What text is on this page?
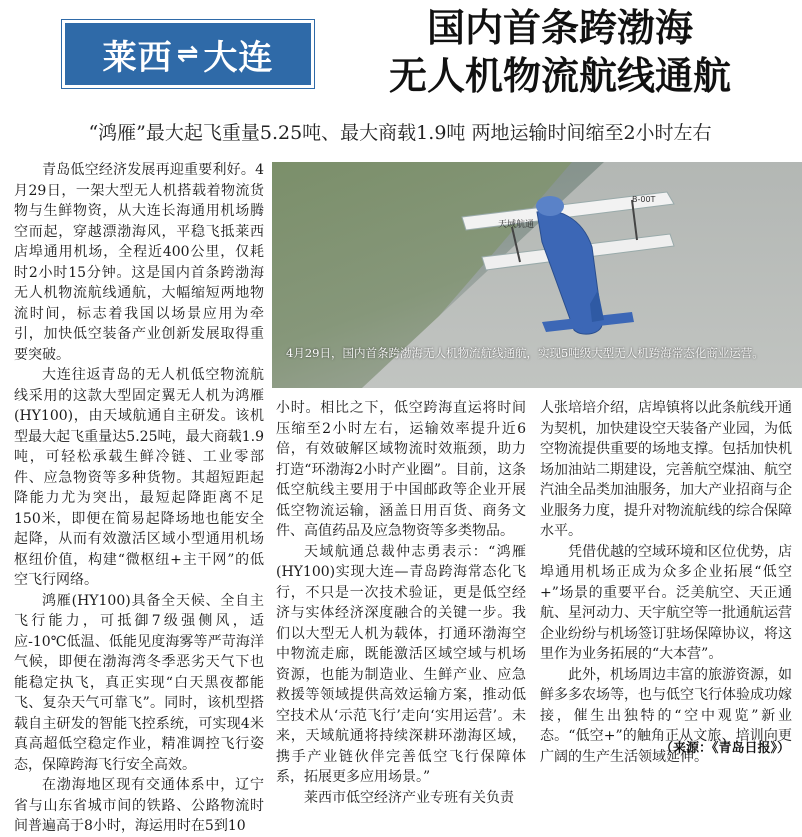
莱西 ⇌ 大连
国内首条跨渤海
无人机物流航线通航
“鸿雁”最大起飞重量5.25吨、最大商载1.9吨 两地运输时间缩至2小时左右

青岛低空经济发展再迎重要利好。4月29日，一架大型无人机搭载着物流货物与生鲜物资，从大连长海通用机场腾空而起，穿越漂渤海风，平稳飞抵莱西店埠通用机场，全程近400公里，仅耗时2小时15分钟。这是国内首条跨渤海无人机物流航线通航，大幅缩短两地物流时间，标志着我国以场景应用为牵引，加快低空装备产业创新发展取得重要突破。

大连往返青岛的无人机低空物流航线采用的这款大型固定翼无人机为鸿雁(HY100)，由天域航通自主研发。该机型最大起飞重量达5.25吨，最大商载1.9吨，可轻松承载生鲜冷链、工业零部件、应急物资等多种货物。其超短距起降能力尤为突出，最短起降距离不足150米，即便在简易起降场地也能安全起降，从而有效激活区域小型通用机场枢纽价值，构建“微枢纽+主干网”的低空飞行网络。

鸿雁(HY100)具备全天候、全自主飞行能力，可抵御7级强侧风，适应-10℃低温、低能见度海雾等严苛海洋气候，即便在渤海湾冬季恶劣天气下也能稳定执飞，真正实现“白天黑夜都能飞、复杂天气可靠飞”。同时，该机型搭载自主研发的智能飞控系统，可实现4米真高超低空稳定作业，精准调控飞行姿态，保障跨海飞行安全高效。

在渤海地区现有交通体系中，辽宁省与山东省城市间的铁路、公路物流时间普遍高于8小时，海运用时在5到10

天域航通
B-00T
4月29日，国内首条跨渤海无人机物流航线通航，实现5吨级大型无人机跨海常态化商业运营。

小时。相比之下，低空跨海直运将时间压缩至2小时左右，运输效率提升近6倍，有效破解区域物流时效瓶颈，助力打造“环渤海2小时产业圈”。目前，这条低空航线主要用于中国邮政等企业开展低空物流运输，涵盖日用百货、商务文件、高值药品及应急物资等多类物品。

天域航通总裁仲志勇表示：“鸿雁(HY100)实现大连—青岛跨海常态化飞行，不只是一次技术验证，更是低空经济与实体经济深度融合的关键一步。我们以大型无人机为载体，打通环渤海空中物流走廊，既能激活区域空域与机场资源，也能为制造业、生鲜产业、应急救援等领域提供高效运输方案，推动低空技术从‘示范飞行’走向‘实用运营’。未来，天域航通将持续深耕环渤海区域，携手产业链伙伴完善低空飞行保障体系，拓展更多应用场景。”

莱西市低空经济产业专班有关负责

人张培培介绍，店埠镇将以此条航线开通为契机，加快建设空天装备产业园，为低空物流提供重要的场地支撑。包括加快机场加油站二期建设，完善航空煤油、航空汽油全品类加油服务，加大产业招商与企业服务力度，提升对物流航线的综合保障水平。

凭借优越的空域环境和区位优势，店埠通用机场正成为众多企业拓展“低空+”场景的重要平台。泛美航空、天正通航、星河动力、天宇航空等一批通航运营企业纷纷与机场签订驻场保障协议，将这里作为业务拓展的“大本营”。

此外，机场周边丰富的旅游资源，如鲜多多农场等，也与低空飞行体验成功嫁接，催生出独特的“空中观览”新业态。“低空+”的触角正从文旅、培训向更广阔的生产生活领域延伸。

（来源：《青岛日报》）
